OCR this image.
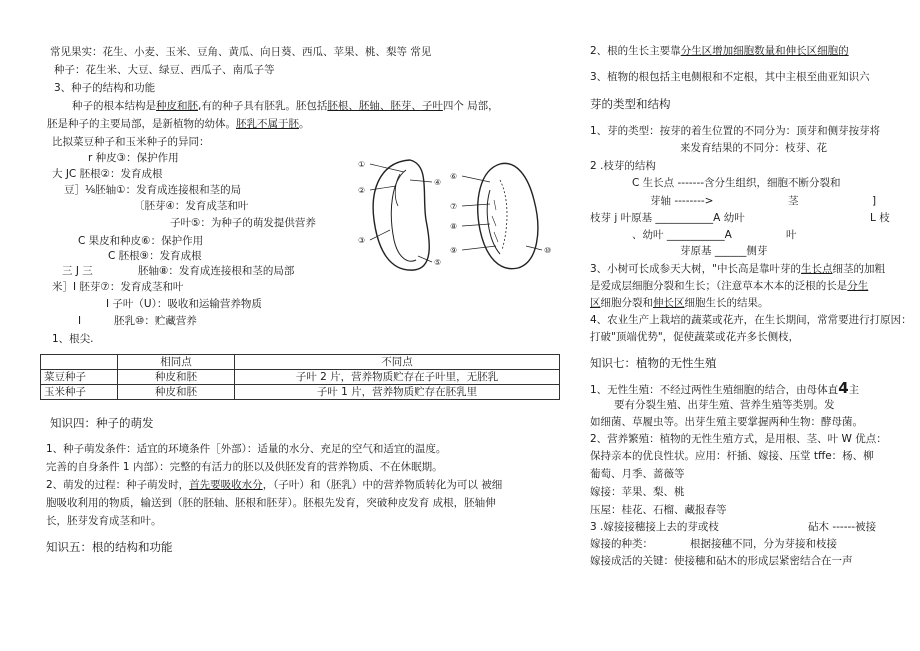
常见果实：花生、小麦、玉米、豆角、黄瓜、向日葵、西瓜、苹果、桃、梨等 常见
种子：花生米、大豆、绿豆、西瓜子、南瓜子等
3、种子的结构和功能
种子的根本结构是种皮和胚,有的种子具有胚乳。胚包括胚根、胚轴、胚芽、子叶四个 局部，
胚是种子的主要局部，是新植物的幼体。胚乳不属于胚。
比拟菜豆种子和玉米种子的异同：
r 种皮③：保护作用
大 JC 胚根②：发育成根
豆］⅛胚轴①：发育成连接根和茎的局
〔胚芽④：发育成茎和叶
子叶⑤：为种子的萌发提供营养
C 果皮和种皮⑥：保护作用
C 胚根⑨：发育成根
三 J 三	胚轴⑧：发育成连接根和茎的局部
米］I 胚芽⑦：发育成茎和叶
I 子叶（U）：吸收和运输营养物质
I	胚乳⑩：贮藏营养
1、根尖.
①
②
③
④
⑤
⑥
⑦
⑧
⑨	⑩
	相同点	不同点
菜豆种子	种皮和胚	子叶 2 片，营养物质贮存在子叶里，无胚乳
玉米种子	种皮和胚	子叶 1 片，营养物质贮存在胚乳里
知识四：种子的萌发
1、种子萌发条件：适宜的环境条件［外部）：适量的水分、充足的空气和适宜的温度。
完善的自身条件 1 内部）：完整的有活力的胚以及供胚发育的营养物质、不在休眠期。
2、萌发的过程：种子萌发时，首先要吸收水分，（子叶）和（胚乳）中的营养物质转化为可以 被细
胞吸收利用的物质，输送到（胚的胚轴、胚根和胚芽）。胚根先发育，突破种皮发育 成根，胚轴伸
长，胚芽发育成茎和叶。
知识五：根的结构和功能
2、根的生长主要靠分生区增加细胞数量和伸长区细胞的
3、植物的根包括主电侧根和不定根，其中主根至曲亚知识六
芽的类型和结构
1、芽的类型：按芽的着生位置的不同分为：顶芽和侧芽按芽将
来发育结果的不同分：枝芽、花
2 .枝芽的结构
C 生长点 -------含分生组织，细胞不断分裂和
芽轴 -------->	茎	]
枝芽 j 叶原基 ___________A 幼叶	L 枝
、幼叶 ___________A	叶
芽原基 ______侧芽
3、小树可长成参天大树，"中长高是靠叶芽的生长点细茎的加粗
是爱成层细胞分裂和生长；（注意草本木本的泛根的长是分生
区细胞分裂和伸长区细胞生长的结果。
4、农业生产上栽培的蔬菜或花卉，在生长期间，常常要进行打原因：
打破"顶端优势"，促使蔬菜或花卉多长侧枝，
知识七：植物的无性生殖
1、无性生殖：不经过两性生殖细胞的结合，由母体直4主
要有分裂生殖、出芽生殖、营养生殖等类别。发
如细菌、草履虫等。出芽生殖主要掌握两种生物：酵母菌。
2、营养繁殖：植物的无性生殖方式，是用根、茎、叶 W 优点：
保持亲本的优良性状。应用：杆插、嫁接、压堂 tffe：杨、柳
葡萄、月季、蔷薇等
嫁接：苹果、梨、桃
压屋：桂花、石榴、藏报春等
3 .嫁接接穗接上去的芽或枝	砧木 ------被接
嫁接的种类：	根据接穗不同，分为芽接和枝接
嫁接成活的关键：使接穗和砧木的形成层紧密结合在一声
